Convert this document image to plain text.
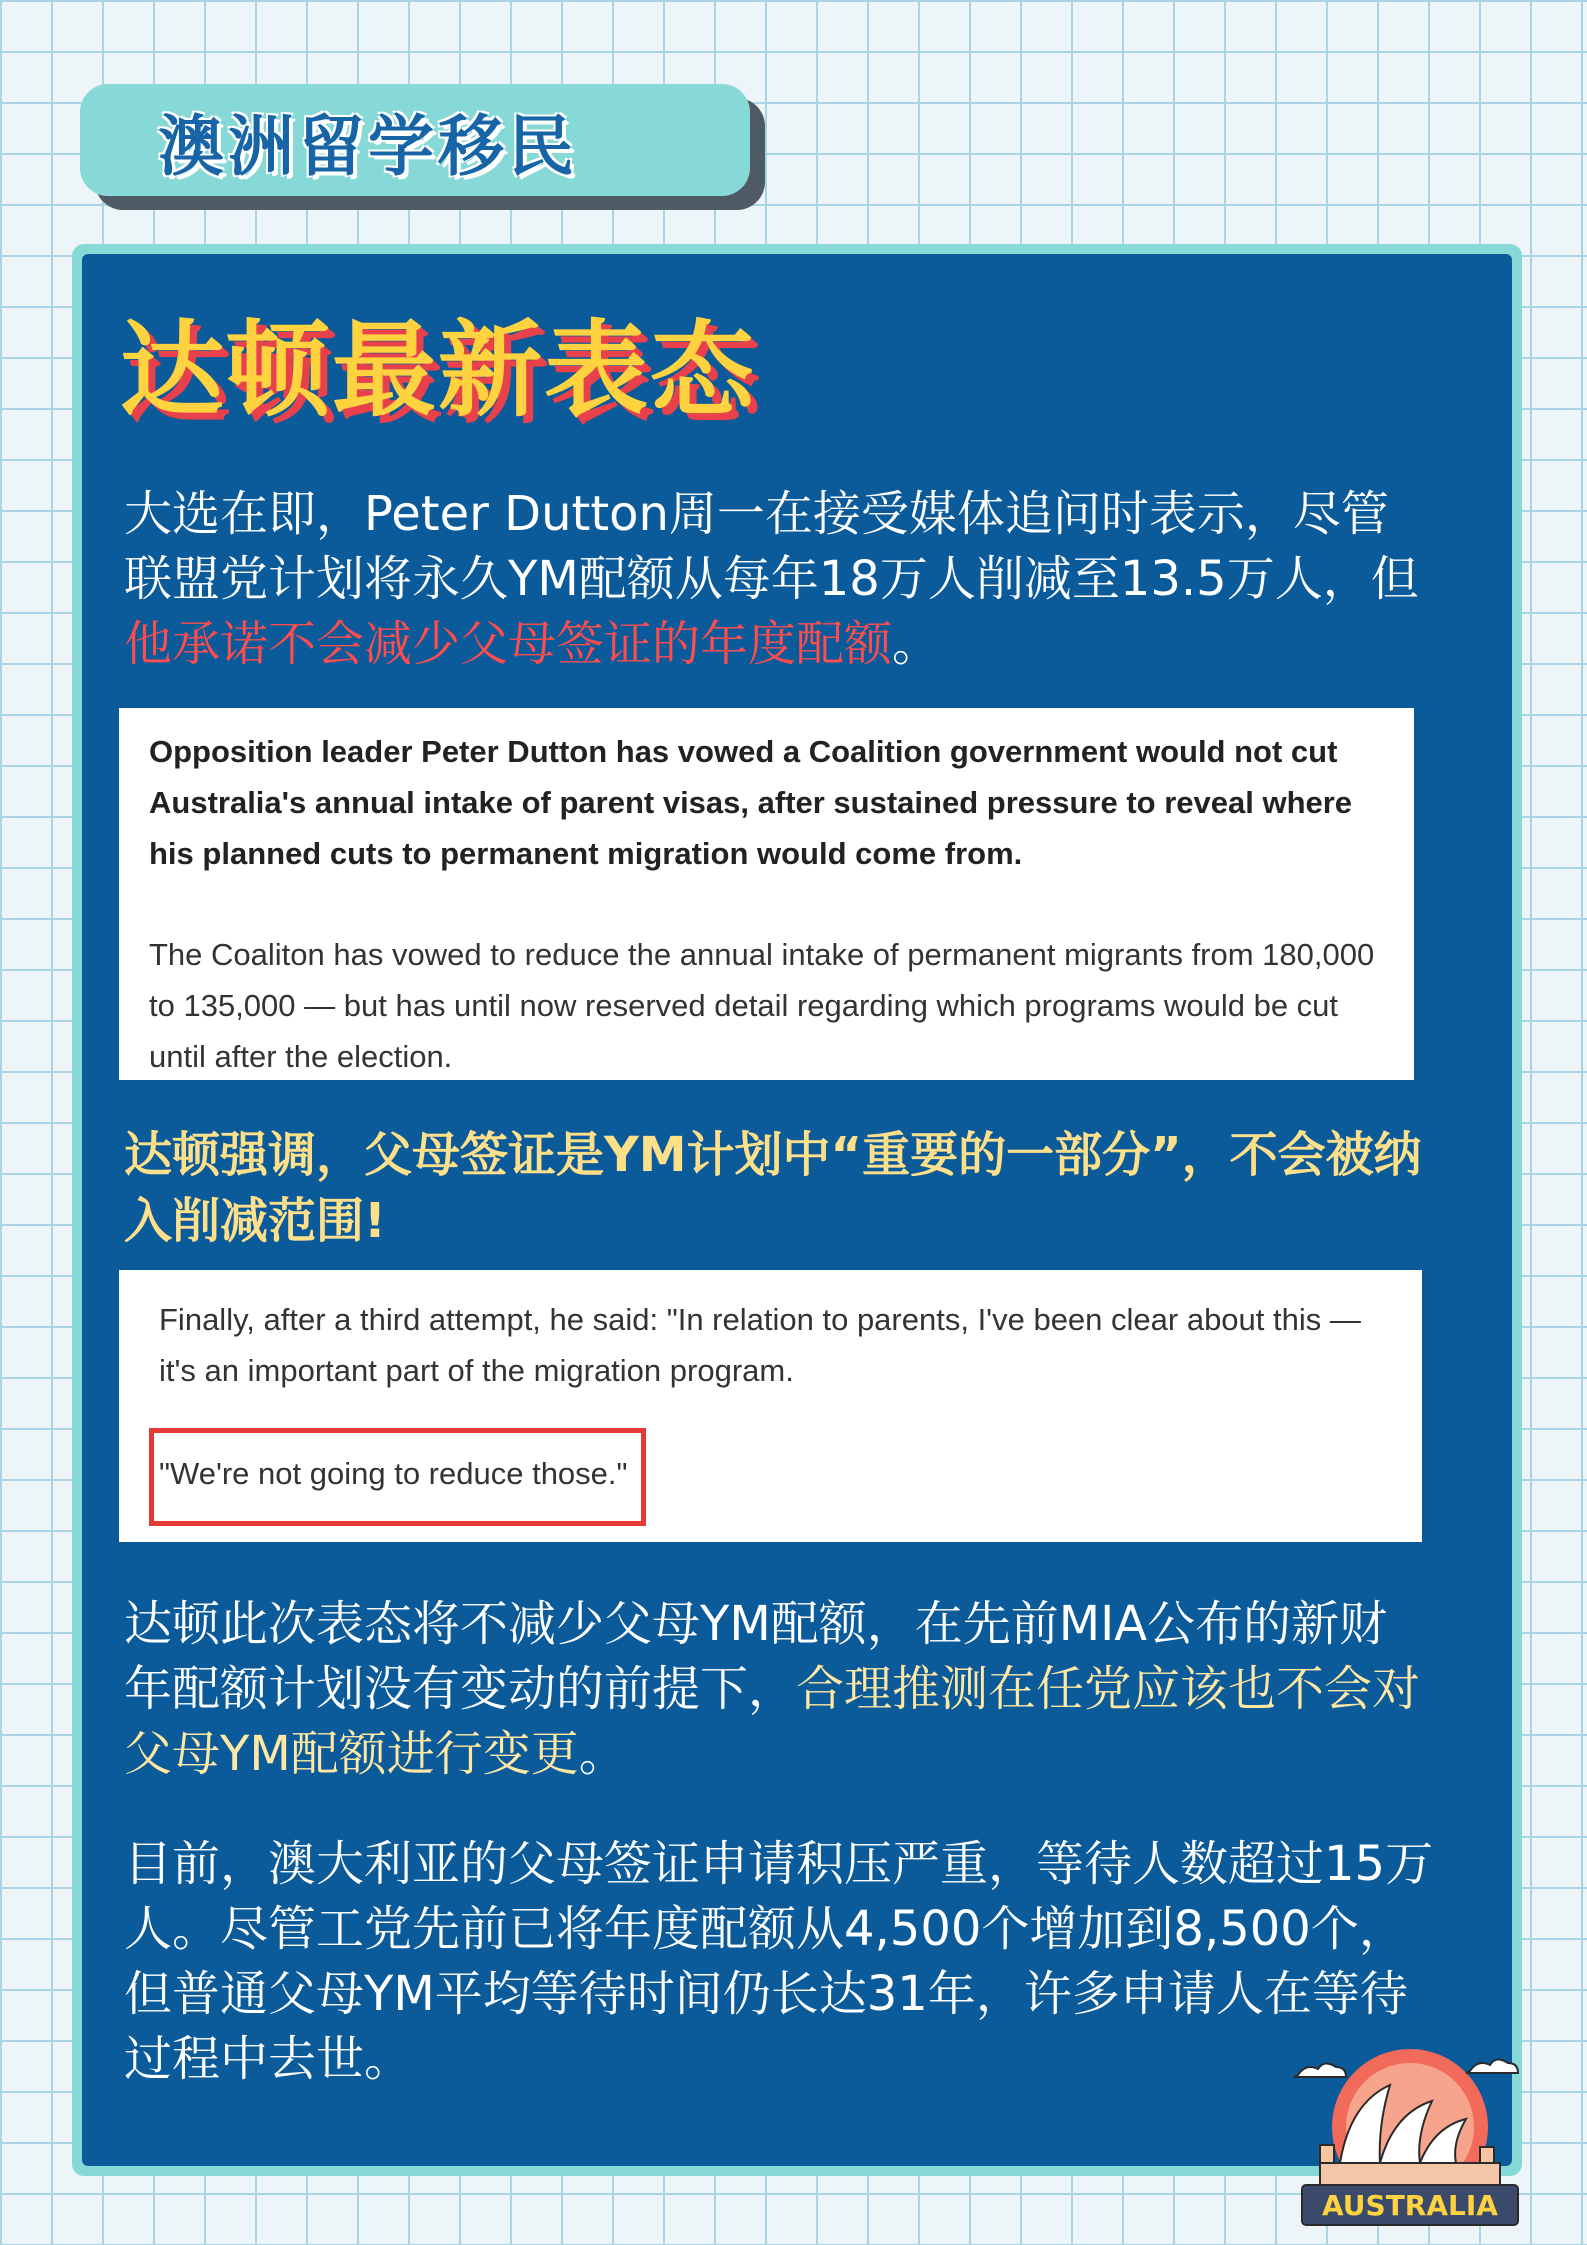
澳洲留学移民
达顿最新表态

大选在即，Peter Dutton周一在接受媒体追问时表示，尽管联盟党计划将永久YM配额从每年18万人削减至13.5万人，但他承诺不会减少父母签证的年度配额。

Opposition leader Peter Dutton has vowed a Coalition government would not cut Australia's annual intake of parent visas, after sustained pressure to reveal where his planned cuts to permanent migration would come from.

The Coaliton has vowed to reduce the annual intake of permanent migrants from 180,000 to 135,000 — but has until now reserved detail regarding which programs would be cut until after the election.

达顿强调，父母签证是YM计划中“重要的一部分”，不会被纳入削减范围!

Finally, after a third attempt, he said: "In relation to parents, I've been clear about this — it's an important part of the migration program.

"We're not going to reduce those."

达顿此次表态将不减少父母YM配额，在先前MIA公布的新财年配额计划没有变动的前提下，合理推测在任党应该也不会对父母YM配额进行变更。

目前，澳大利亚的父母签证申请积压严重，等待人数超过15万人。尽管工党先前已将年度配额从4,500个增加到8,500个，但普通父母YM平均等待时间仍长达31年，许多申请人在等待过程中去世。

AUSTRALIA
